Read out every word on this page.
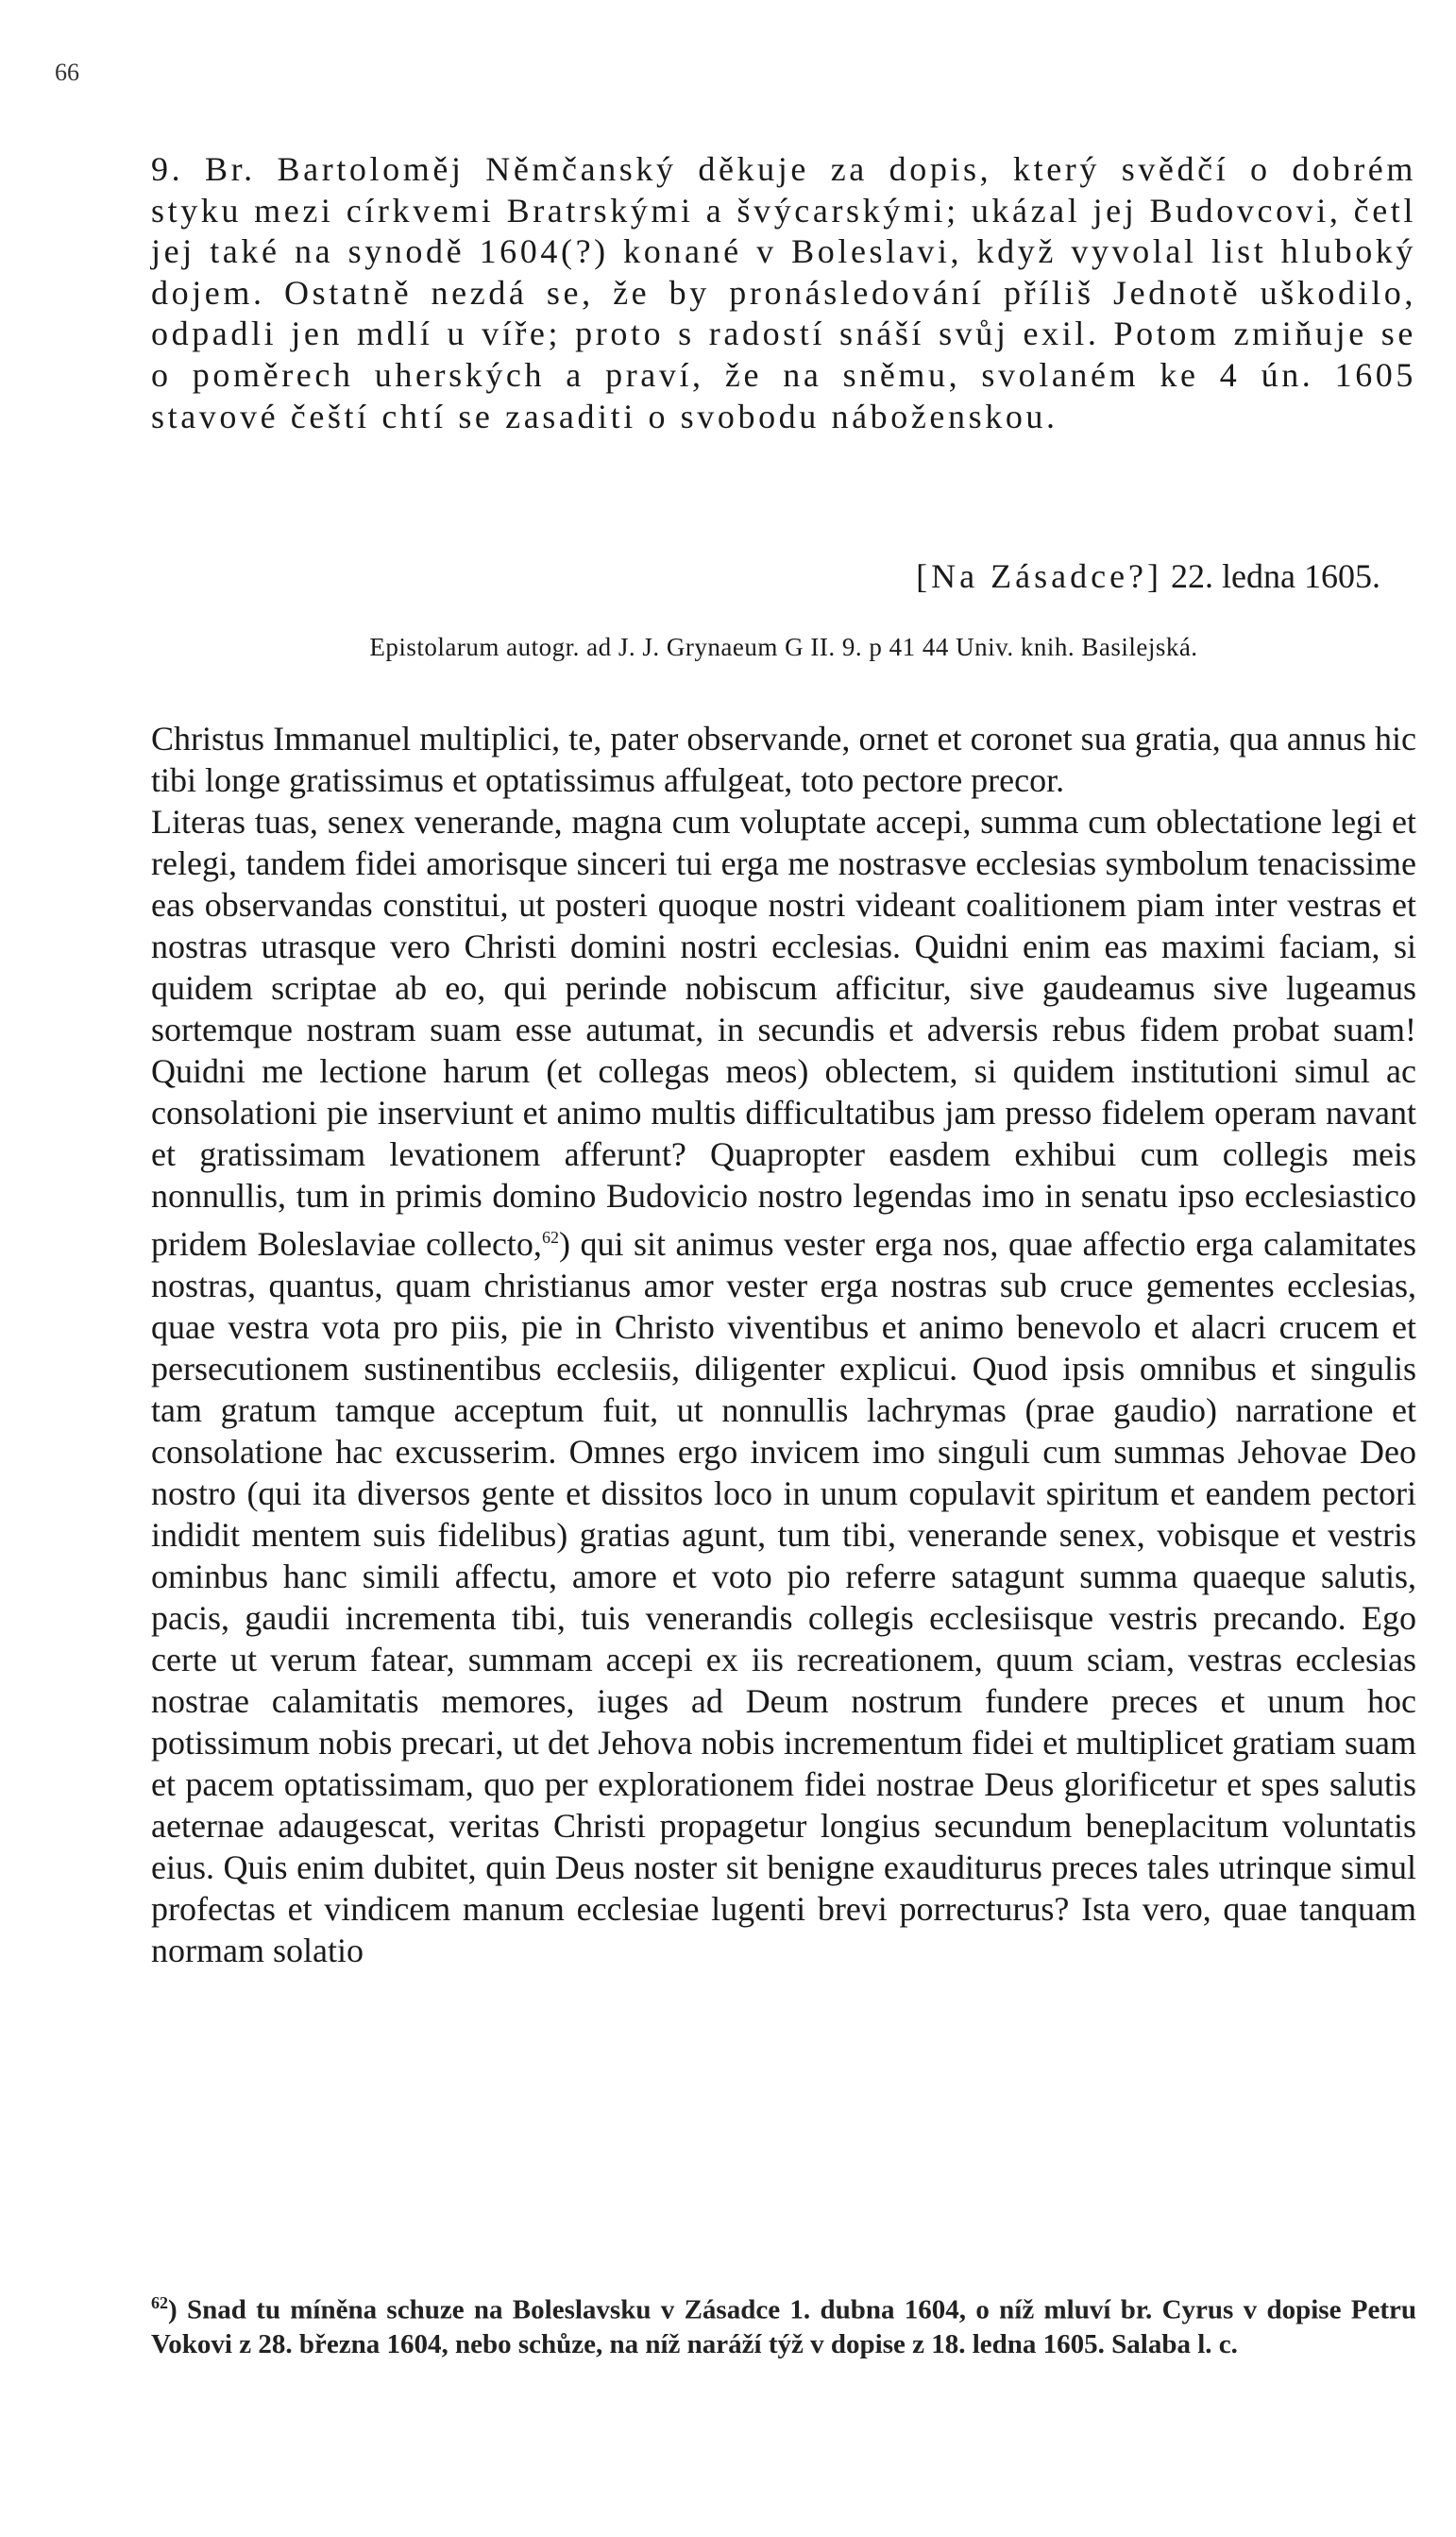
66
9. Br. Bartoloměj Němčanský děkuje za dopis, který svědčí o dobrém styku mezi církvemi Bratrskými a švýcarskými; ukázal jej Budovcovi, četl jej také na synodě 1604(?) konané v Boleslavi, když vyvolal list hluboký dojem. Ostatně nezdá se, že by pronásledování příliš Jednotě uškodilo, odpadli jen mdlí u víře; proto s radostí snáší svůj exil. Potom zmiňuje se o poměrech uherských a praví, že na sněmu, svolaném ke 4 ún. 1605 stavové čeští chtí se zasaditi o svobodu náboženskou.
[Na Zásadce?] 22. ledna 1605.
Epistolarum autogr. ad J. J. Grynaeum G II. 9. p 41 44 Univ. knih. Basilejská.

Christus Immanuel multiplici, te, pater observande, ornet et coronet sua gratia, qua annus hic tibi longe gratissimus et optatissimus affulgeat, toto pectore precor.

Literas tuas, senex venerande, magna cum voluptate accepi, summa cum oblectatione legi et relegi, tandem fidei amorisque sinceri tui erga me nostrasve ecclesias symbolum tenacissime eas observandas constitui, ut posteri quoque nostri videant coalitionem piam inter vestras et nostras utrasque vero Christi domini nostri ecclesias. Quidni enim eas maximi faciam, si quidem scriptae ab eo, qui perinde nobiscum afficitur, sive gaudeamus sive lugeamus sortemque nostram suam esse autumat, in secundis et adversis rebus fidem probat suam! Quidni me lectione harum (et collegas meos) oblectem, si quidem institutioni simul ac consolationi pie inserviunt et animo multis difficultatibus jam presso fidelem operam navant et gratissimam levationem afferunt? Quapropter easdem exhibui cum collegis meis nonnullis, tum in primis domino Budovicio nostro legendas imo in senatu ipso ecclesiastico pridem Boleslaviae collecto,$^{62}$) qui sit animus vester erga nos, quae affectio erga calamitates nostras, quantus, quam christianus amor vester erga nostras sub cruce gementes ecclesias, quae vestra vota pro piis, pie in Christo viventibus et animo benevolo et alacri crucem et persecutionem sustinentibus ecclesiis, diligenter explicui. Quod ipsis omnibus et singulis tam gratum tamque acceptum fuit, ut nonnullis lachrymas (prae gaudio) narratione et consolatione hac excusserim. Omnes ergo invicem imo singuli cum summas Jehovae Deo nostro (qui ita diversos gente et dissitos loco in unum copulavit spiritum et eandem pectori indidit mentem suis fidelibus) gratias agunt, tum tibi, venerande senex, vobisque et vestris ominbus hanc simili affectu, amore et voto pio referre satagunt summa quaeque salutis, pacis, gaudii incrementa tibi, tuis venerandis collegis ecclesiisque vestris precando. Ego certe ut verum fatear, summam accepi ex iis recreationem, quum sciam, vestras ecclesias nostrae calamitatis memores, iuges ad Deum nostrum fundere preces et unum hoc potissimum nobis precari, ut det Jehova nobis incrementum fidei et multiplicet gratiam suam et pacem optatissimam, quo per explorationem fidei nostrae Deus glorificetur et spes salutis aeternae adaugescat, veritas Christi propagetur longius secundum beneplacitum voluntatis eius. Quis enim dubitet, quin Deus noster sit benigne exauditurus preces tales utrinque simul profectas et vindicem manum ecclesiae lugenti brevi porrecturus? Ista vero, quae tanquam normam solatio

$^{62}$) Snad tu míněna schuze na Boleslavsku v Zásadce 1. dubna 1604, o níž mluví br. Cyrus v dopise Petru Vokovi z 28. března 1604, nebo schůze, na níž naráží týž v dopise z 18. ledna 1605. Salaba l. c.
